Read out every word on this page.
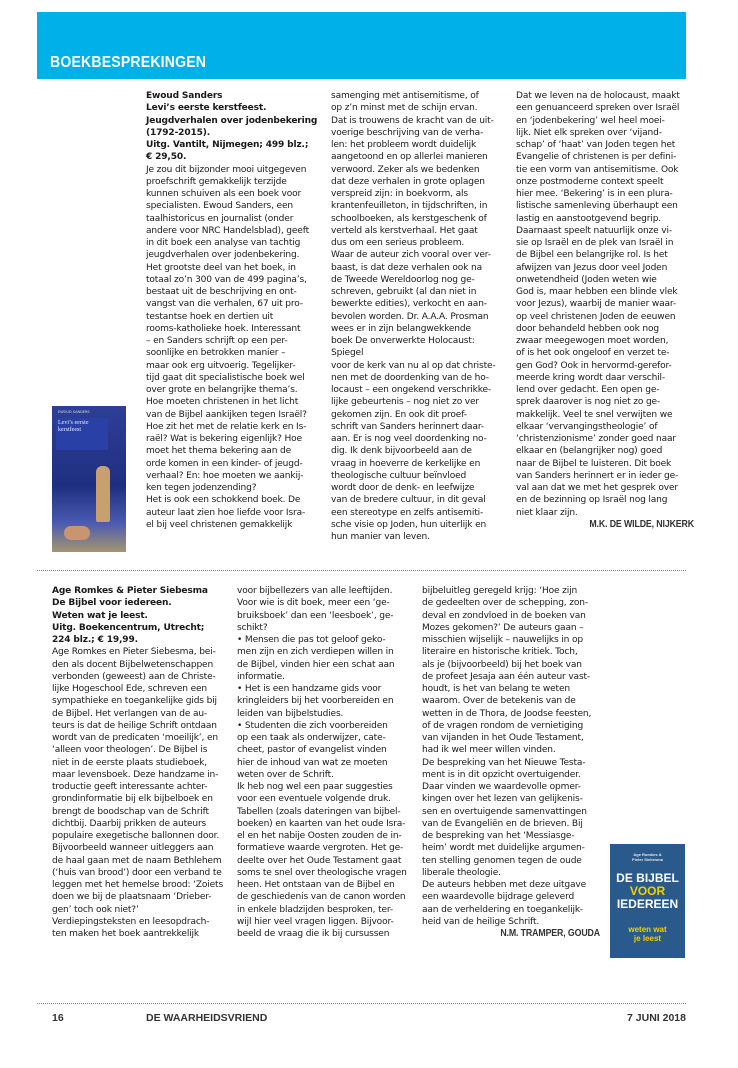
BOEKBESPREKINGEN
EWOUD SANDERS
Levi’s eerste kerstfeest

Ewoud Sanders

Levi’s eerste kerstfeest.

Jeugdverhalen over jodenbekering

(1792-2015).

Uitg. Vantilt, Nijmegen; 499 blz.;

€ 29,50.

Je zou dit bijzonder mooi uitgegeven

proefschrift gemakkelijk terzijde

kunnen schuiven als een boek voor

specialisten. Ewoud Sanders, een

taalhistoricus en journalist (onder

andere voor NRC Handelsblad), geeft

in dit boek een analyse van tachtig

jeugdverhalen over jodenbekering.

Het grootste deel van het boek, in

totaal zo’n 300 van de 499 pagina’s,

bestaat uit de beschrijving en ont-

vangst van die verhalen, 67 uit pro-

testantse hoek en dertien uit

rooms-katholieke hoek. Interessant

– en Sanders schrijft op een per-

soonlijke en betrokken manier –

maar ook erg uitvoerig. Tegelijker-

tijd gaat dit specialistische boek wel

over grote en belangrijke thema’s.

Hoe moeten christenen in het licht

van de Bijbel aankijken tegen Israël?

Hoe zit het met de relatie kerk en Is-

raël? Wat is bekering eigenlijk? Hoe

moet het thema bekering aan de

orde komen in een kinder- of jeugd-

verhaal? En: hoe moeten we aankij-

ken tegen jodenzending?

Het is ook een schokkend boek. De

auteur laat zien hoe liefde voor Isra-

el bij veel christenen gemakkelijk

samenging met antisemitisme, of

op z’n minst met de schijn ervan.

Dat is trouwens de kracht van de uit-

voerige beschrijving van de verha-

len: het probleem wordt duidelijk

aangetoond en op allerlei manieren

verwoord. Zeker als we bedenken

dat deze verhalen in grote oplagen

verspreid zijn: in boekvorm, als

krantenfeuilleton, in tijdschriften, in

schoolboeken, als kerstgeschenk of

verteld als kerstverhaal. Het gaat

dus om een serieus probleem.

Waar de auteur zich vooral over ver-

baast, is dat deze verhalen ook na

de Tweede Wereldoorlog nog ge-

schreven, gebruikt (al dan niet in

bewerkte edities), verkocht en aan-

bevolen worden. Dr. A.A.A. Prosman

wees er in zijn belangwekkende

boek De onverwerkte Holocaust: Spiegel

voor de kerk van nu al op dat christe-

nen met de doordenking van de ho-

locaust – een ongekend verschrikke-

lijke gebeurtenis – nog niet zo ver

gekomen zijn. En ook dit proef-

schrift van Sanders herinnert daar-

aan. Er is nog veel doordenking no-

dig. Ik denk bijvoorbeeld aan de

vraag in hoeverre de kerkelijke en

theologische cultuur beïnvloed

wordt door de denk- en leefwijze

van de bredere cultuur, in dit geval

een stereotype en zelfs antisemiti-

sche visie op Joden, hun uiterlijk en

hun manier van leven.

Dat we leven na de holocaust, maakt

een genuanceerd spreken over Israël

en ‘jodenbekering’ wel heel moei-

lijk. Niet elk spreken over ‘vijand-

schap’ of ‘haat’ van Joden tegen het

Evangelie of christenen is per defini-

tie een vorm van antisemitisme. Ook

onze postmoderne context speelt

hier mee. ‘Bekering’ is in een plura-

listische samenleving überhaupt een

lastig en aanstootgevend begrip.

Daarnaast speelt natuurlijk onze vi-

sie op Israël en de plek van Israël in

de Bijbel een belangrijke rol. Is het

afwijzen van Jezus door veel Joden

onwetendheid (Joden weten wie

God is, maar hebben een blinde vlek

voor Jezus), waarbij de manier waar-

op veel christenen Joden de eeuwen

door behandeld hebben ook nog

zwaar meegewogen moet worden,

of is het ook ongeloof en verzet te-

gen God? Ook in hervormd-gerefor-

meerde kring wordt daar verschil-

lend over gedacht. Een open ge-

sprek daarover is nog niet zo ge-

makkelijk. Veel te snel verwijten we

elkaar ‘vervangingstheologie’ of

‘christenzionisme’ zonder goed naar

elkaar en (belangrijker nog) goed

naar de Bijbel te luisteren. Dit boek

van Sanders herinnert er in ieder ge-

val aan dat we met het gesprek over

en de bezinning op Israël nog lang

niet klaar zijn.

M.K. DE WILDE, NIJKERK

Age Romkes & Pieter Siebesma

De Bijbel voor iedereen.

Weten wat je leest.

Uitg. Boekencentrum, Utrecht;

224 blz.; € 19,99.

Age Romkes en Pieter Siebesma, bei-

den als docent Bijbelwetenschappen

verbonden (geweest) aan de Christe-

lijke Hogeschool Ede, schreven een

sympathieke en toegankelijke gids bij

de Bijbel. Het verlangen van de au-

teurs is dat de heilige Schrift ontdaan

wordt van de predicaten ‘moeilijk’, en

‘alleen voor theologen’. De Bijbel is

niet in de eerste plaats studieboek,

maar levensboek. Deze handzame in-

troductie geeft interessante achter-

grondinformatie bij elk bijbelboek en

brengt de boodschap van de Schrift

dichtbij. Daarbij prikken de auteurs

populaire exegetische ballonnen door.

Bijvoorbeeld wanneer uitleggers aan

de haal gaan met de naam Bethlehem

(‘huis van brood’) door een verband te

leggen met het hemelse brood: ‘Zoiets

doen we bij de plaatsnaam ‘Drieber-

gen’ toch ook niet?’

Verdiepingsteksten en leesopdrach-

ten maken het boek aantrekkelijk

voor bijbellezers van alle leeftijden.

Voor wie is dit boek, meer een ‘ge-

bruiksboek’ dan een ‘leesboek’, ge-

schikt?

• Mensen die pas tot geloof geko-

men zijn en zich verdiepen willen in

de Bijbel, vinden hier een schat aan

informatie.

• Het is een handzame gids voor

kringleiders bij het voorbereiden en

leiden van bijbelstudies.

• Studenten die zich voorbereiden

op een taak als onderwijzer, cate-

cheet, pastor of evangelist vinden

hier de inhoud van wat ze moeten

weten over de Schrift.

Ik heb nog wel een paar suggesties

voor een eventuele volgende druk.

Tabellen (zoals dateringen van bijbel-

boeken) en kaarten van het oude Isra-

el en het nabije Oosten zouden de in-

formatieve waarde vergroten. Het ge-

deelte over het Oude Testament gaat

soms te snel over theologische vragen

heen. Het ontstaan van de Bijbel en

de geschiedenis van de canon worden

in enkele bladzijden besproken, ter-

wijl hier veel vragen liggen. Bijvoor-

beeld de vraag die ik bij cursussen

bijbeluitleg geregeld krijg: ‘Hoe zijn

de gedeelten over de schepping, zon-

deval en zondvloed in de boeken van

Mozes gekomen?’ De auteurs gaan –

misschien wijselijk – nauwelijks in op

literaire en historische kritiek. Toch,

als je (bijvoorbeeld) bij het boek van

de profeet Jesaja aan één auteur vast-

houdt, is het van belang te weten

waarom. Over de betekenis van de

wetten in de Thora, de Joodse feesten,

of de vragen rondom de vernietiging

van vijanden in het Oude Testament,

had ik wel meer willen vinden.

De bespreking van het Nieuwe Testa-

ment is in dit opzicht overtuigender.

Daar vinden we waardevolle opmer-

kingen over het lezen van gelijkenis-

sen en overtuigende samenvattingen

van de Evangeliën en de brieven. Bij

de bespreking van het ‘Messiasge-

heim’ wordt met duidelijke argumen-

ten stelling genomen tegen de oude

liberale theologie.

De auteurs hebben met deze uitgave

een waardevolle bijdrage geleverd

aan de verheldering en toegankelijk-

heid van de heilige Schrift.

N.M. TRAMPER, GOUDA

Age Romkes &
Pieter Siebesma
DE BIJBEL
VOOR
IEDEREEN
weten wat
je leest
16	DE WAARHEIDSVRIEND	7 JUNI 2018
